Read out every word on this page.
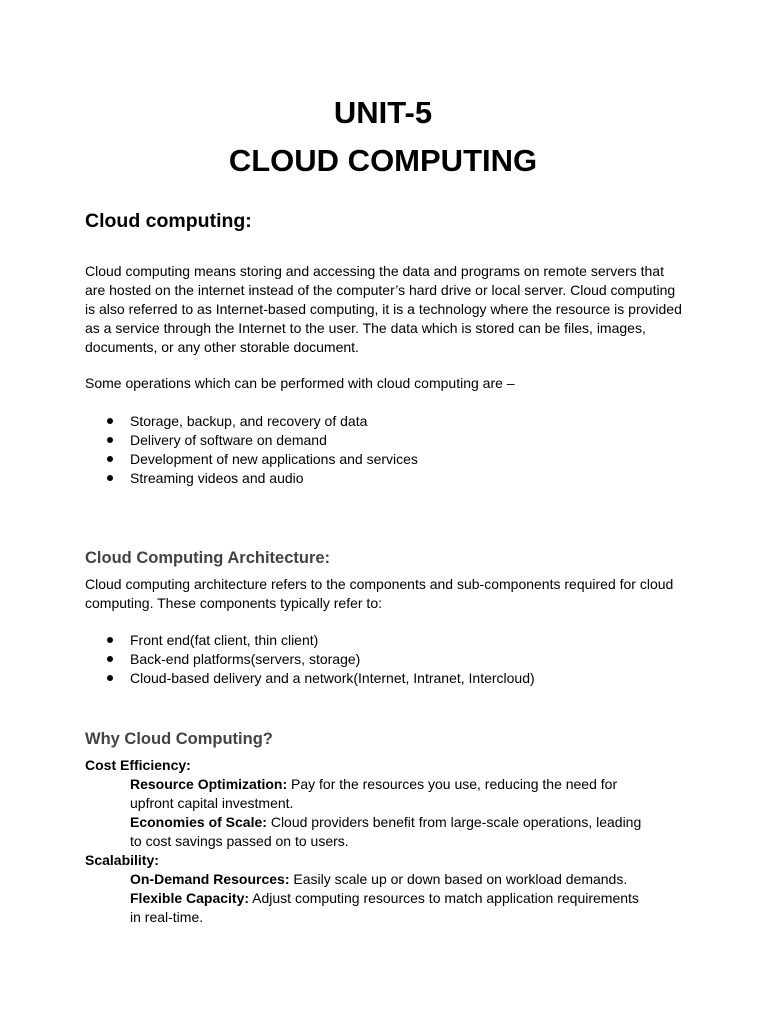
UNIT-5
CLOUD COMPUTING
Cloud computing:

Cloud computing means storing and accessing the data and programs on remote servers that are hosted on the internet instead of the computer’s hard drive or local server. Cloud computing is also referred to as Internet-based computing, it is a technology where the resource is provided as a service through the Internet to the user. The data which is stored can be files, images, documents, or any other storable document.

Some operations which can be performed with cloud computing are –

Storage, backup, and recovery of data
Delivery of software on demand
Development of new applications and services
Streaming videos and audio
Cloud Computing Architecture:

Cloud computing architecture refers to the components and sub-components required for cloud computing. These components typically refer to:

Front end(fat client, thin client)
Back-end platforms(servers, storage)
Cloud-based delivery and a network(Internet, Intranet, Intercloud)
Why Cloud Computing?
Cost Efficiency:
Resource Optimization: Pay for the resources you use, reducing the need for upfront capital investment.
Economies of Scale: Cloud providers benefit from large-scale operations, leading to cost savings passed on to users.
Scalability:
On-Demand Resources: Easily scale up or down based on workload demands.
Flexible Capacity: Adjust computing resources to match application requirements in real-time.
